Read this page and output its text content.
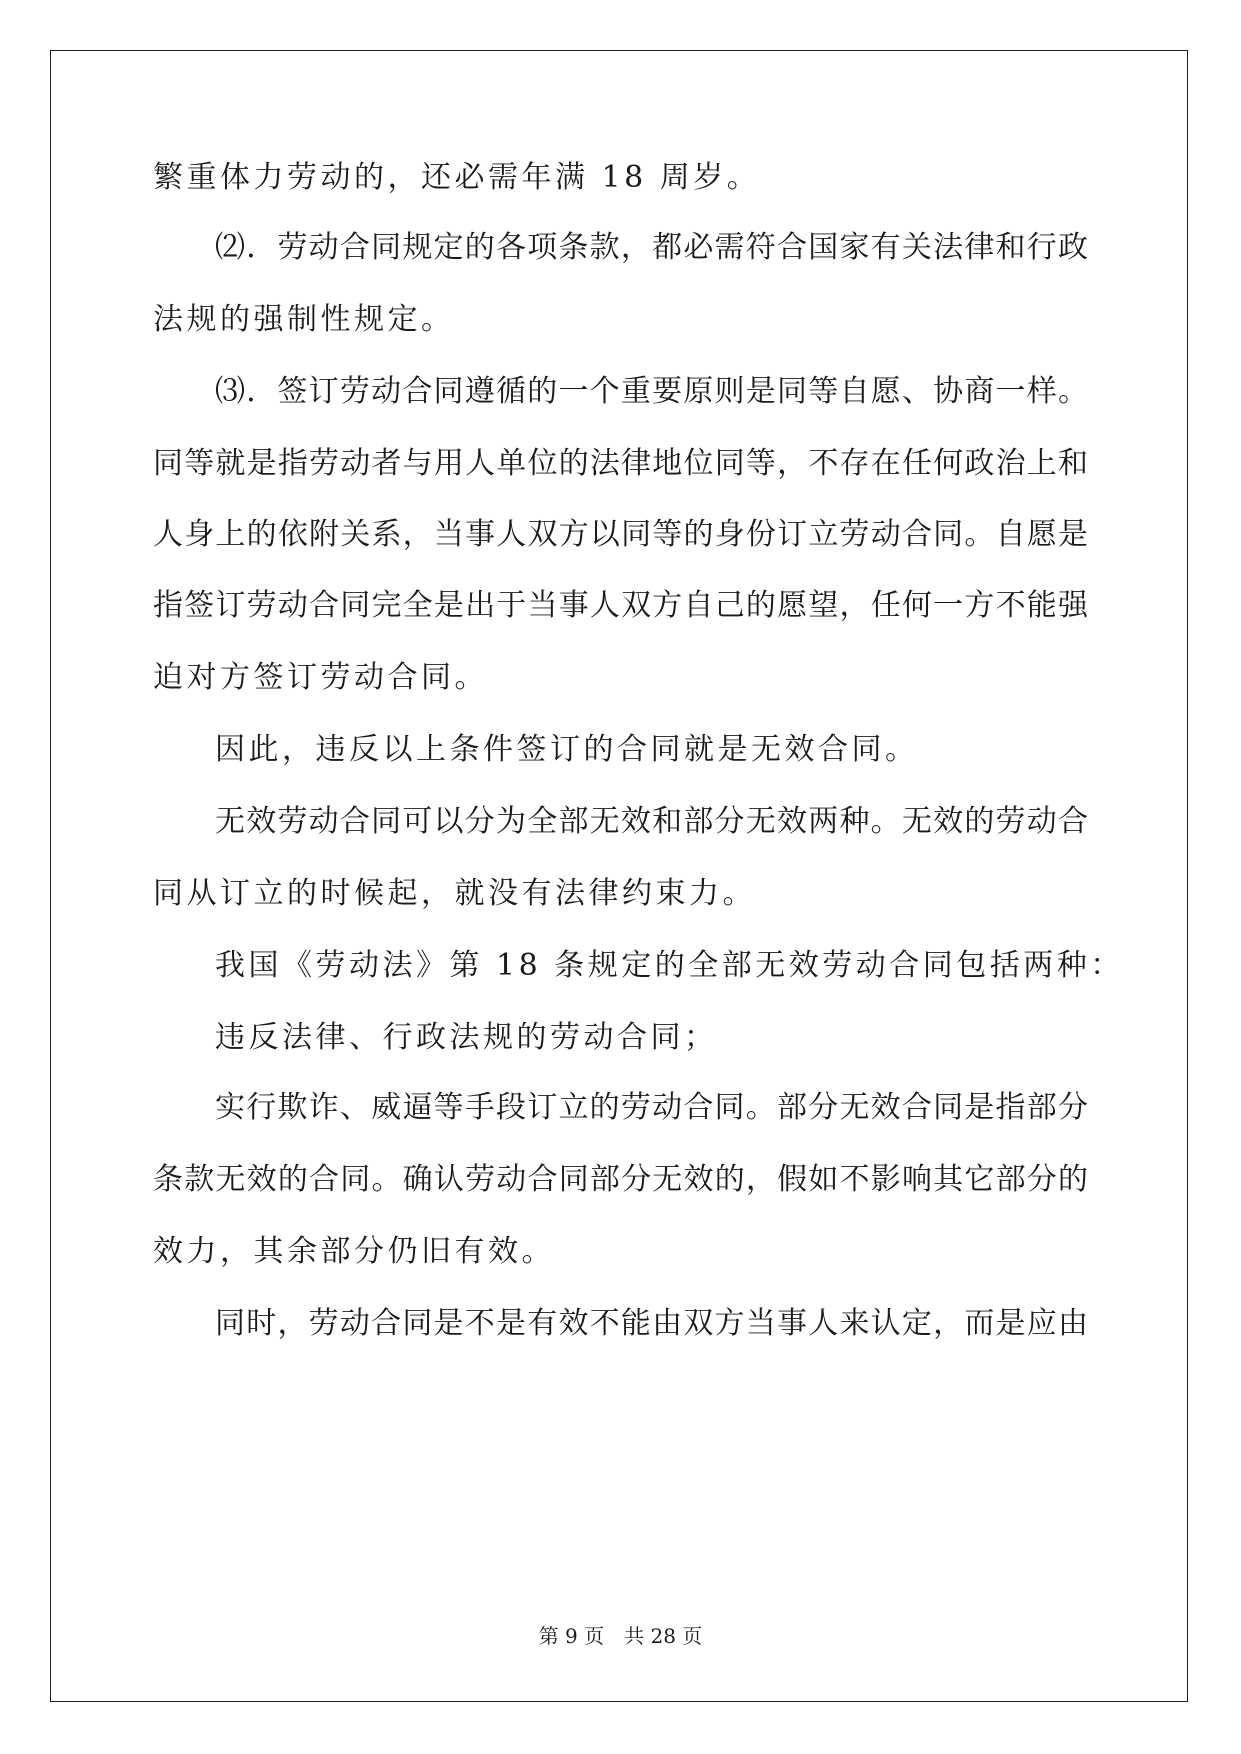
繁重体力劳动的，还必需年满 18 周岁。
⑵．劳动合同规定的各项条款，都必需符合国家有关法律和行政
法规的强制性规定。
⑶．签订劳动合同遵循的一个重要原则是同等自愿、协商一样。
同等就是指劳动者与用人单位的法律地位同等，不存在任何政治上和
人身上的依附关系，当事人双方以同等的身份订立劳动合同。自愿是
指签订劳动合同完全是出于当事人双方自己的愿望，任何一方不能强
迫对方签订劳动合同。
因此，违反以上条件签订的合同就是无效合同。
无效劳动合同可以分为全部无效和部分无效两种。无效的劳动合
同从订立的时候起，就没有法律约束力。
我国《劳动法》第 18 条规定的全部无效劳动合同包括两种：
违反法律、行政法规的劳动合同；
实行欺诈、威逼等手段订立的劳动合同。部分无效合同是指部分
条款无效的合同。确认劳动合同部分无效的，假如不影响其它部分的
效力，其余部分仍旧有效。
同时，劳动合同是不是有效不能由双方当事人来认定，而是应由
第 9 页　共 28 页
